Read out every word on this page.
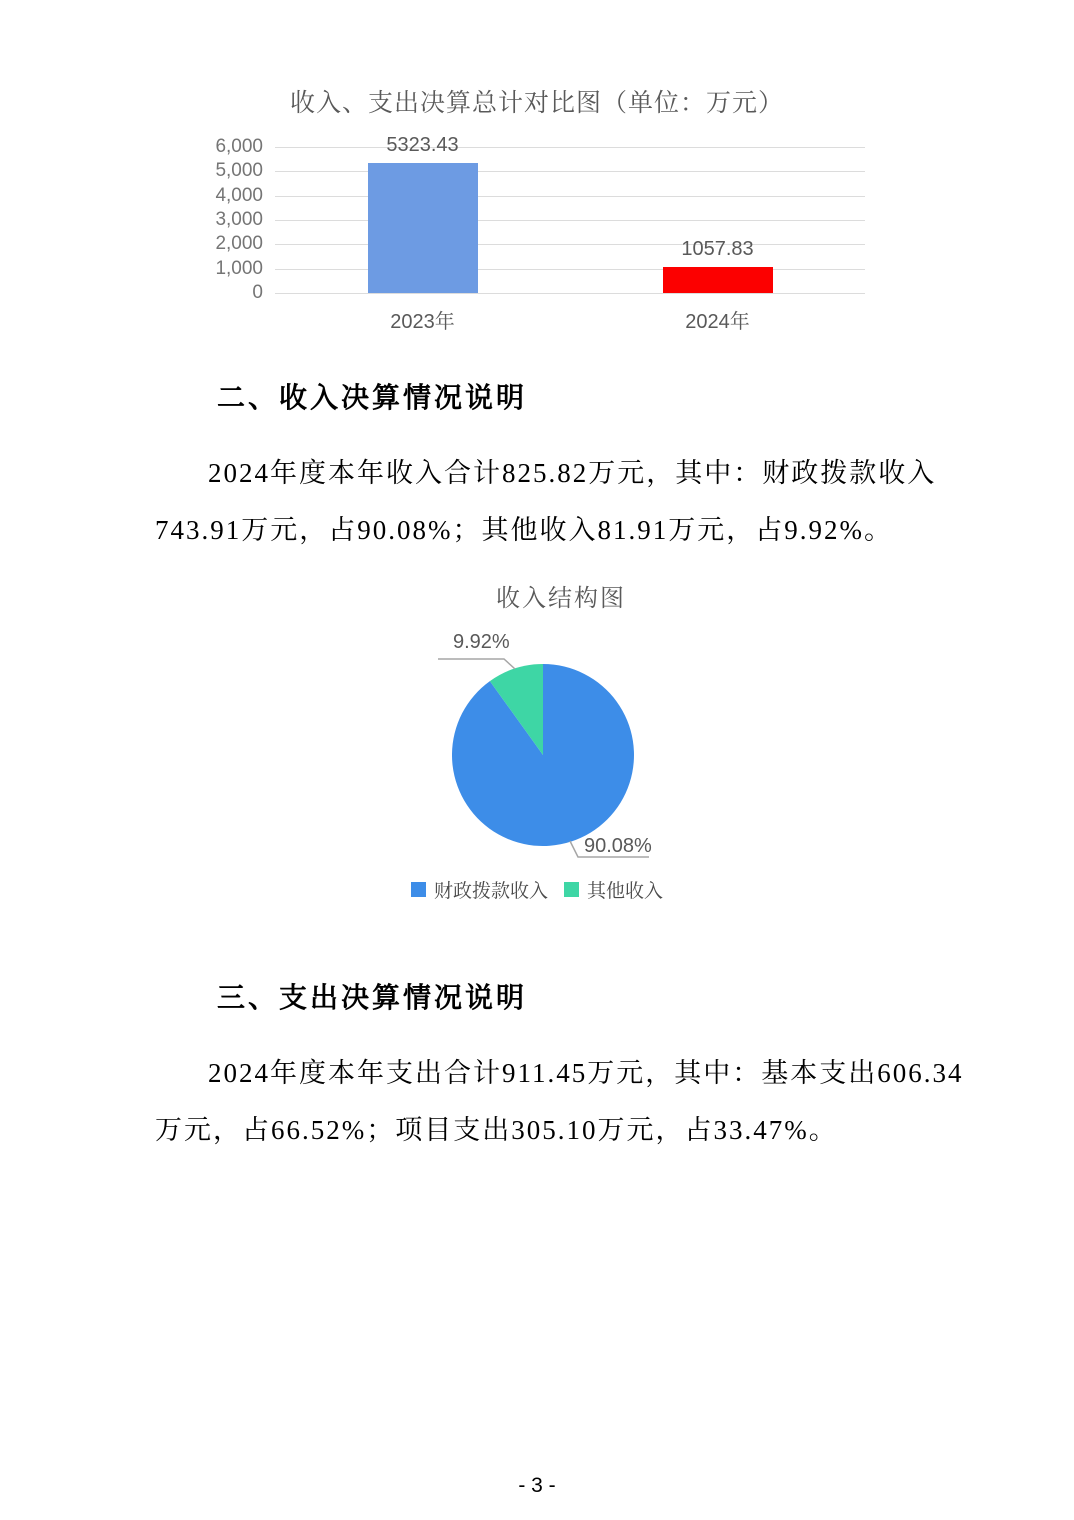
收入、支出决算总计对比图（单位：万元）
0
1,000
2,000
3,000
4,000
5,000
6,000	5323.43
2023年
1057.83
2024年
二、收入决算情况说明

2024年度本年收入合计825.82万元，其中：财政拨款收入
743.91万元，占90.08%；其他收入81.91万元，占9.92%。

收入结构图
9.92%
90.08%
财政拨款收入 其他收入
三、支出决算情况说明

2024年度本年支出合计911.45万元，其中：基本支出606.34
万元，占66.52%；项目支出305.10万元，占33.47%。

- 3 -
